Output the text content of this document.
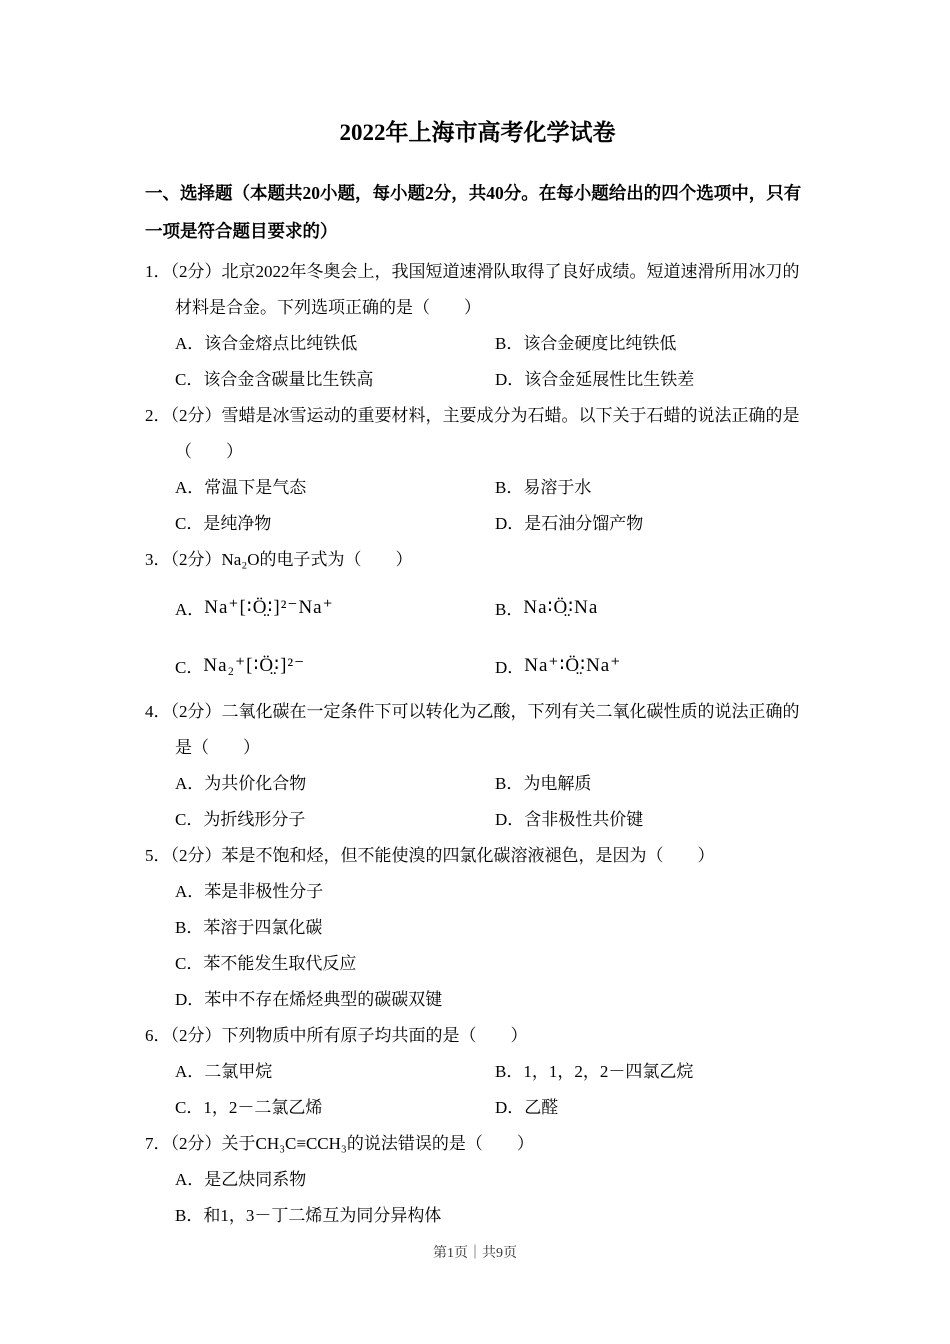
2022年上海市高考化学试卷
一、选择题（本题共20小题，每小题2分，共40分。在每小题给出的四个选项中，只有一项是符合题目要求的）
1．（2分）北京2022年冬奥会上，我国短道速滑队取得了良好成绩。短道速滑所用冰刀的材料是合金。下列选项正确的是（　　）
A．该合金熔点比纯铁低	B．该合金硬度比纯铁低
C．该合金含碳量比生铁高	D．该合金延展性比生铁差
2．（2分）雪蜡是冰雪运动的重要材料，主要成分为石蜡。以下关于石蜡的说法正确的是（　　）
A．常温下是气态	B．易溶于水
C．是纯净物	D．是石油分馏产物
3．（2分）Na₂O的电子式为（　　）
A． Na⁺[∶Ö̤∶]²⁻Na⁺	B． Na∶Ö̤∶Na
C． Na₂⁺[∶Ö̤∶]²⁻	D． Na⁺∶Ö̤∶Na⁺
4．（2分）二氧化碳在一定条件下可以转化为乙酸，下列有关二氧化碳性质的说法正确的是（　　）
A．为共价化合物	B．为电解质
C．为折线形分子	D．含非极性共价键
5．（2分）苯是不饱和烃，但不能使溴的四氯化碳溶液褪色，是因为（　　）
A．苯是非极性分子
B．苯溶于四氯化碳
C．苯不能发生取代反应
D．苯中不存在烯烃典型的碳碳双键
6．（2分）下列物质中所有原子均共面的是（　　）
A．二氯甲烷	B．1，1，2，2－四氯乙烷
C．1，2－二氯乙烯	D．乙醛
7．（2分）关于CH₃C≡CCH₃的说法错误的是（　　）
A．是乙炔同系物
B．和1，3－丁二烯互为同分异构体
第1页｜共9页
